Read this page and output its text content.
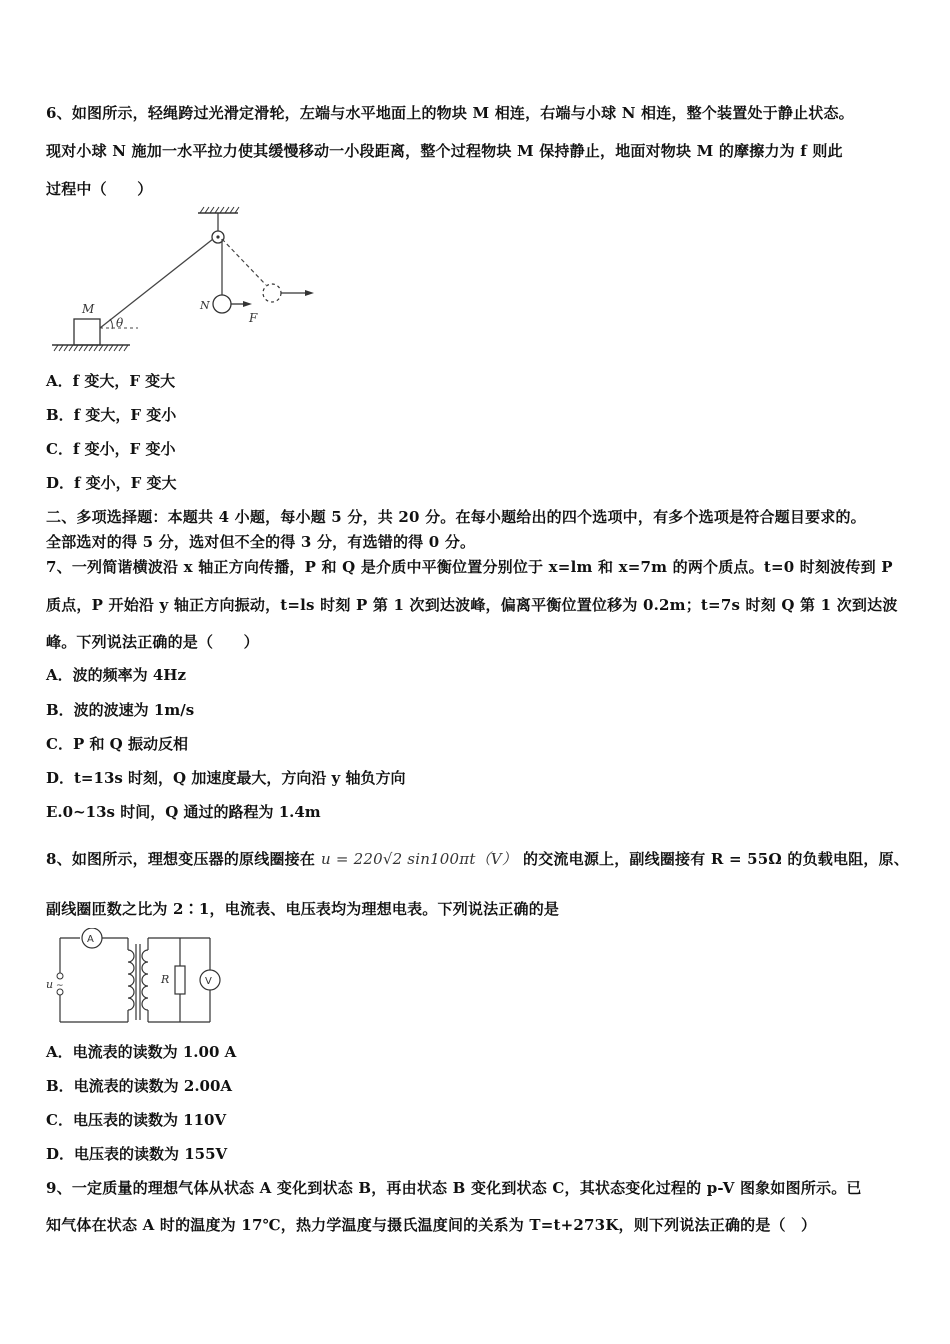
6、如图所示，轻绳跨过光滑定滑轮，左端与水平地面上的物块 M 相连，右端与小球 N 相连，整个装置处于静止状态。
现对小球 N 施加一水平拉力使其缓慢移动一小段距离，整个过程物块 M 保持静止，地面对物块 M 的摩擦力为 f 则此
过程中（　　）
M
θ
N
F
A．f 变大，F 变大
B．f 变大，F 变小
C．f 变小，F 变小
D．f 变小，F 变大
二、多项选择题：本题共 4 小题，每小题 5 分，共 20 分。在每小题给出的四个选项中，有多个选项是符合题目要求的。
全部选对的得 5 分，选对但不全的得 3 分，有选错的得 0 分。
7、一列简谐横波沿 x 轴正方向传播，P 和 Q 是介质中平衡位置分别位于 x=lm 和 x=7m 的两个质点。t=0 时刻波传到 P
质点，P 开始沿 y 轴正方向振动，t=ls 时刻 P 第 1 次到达波峰，偏离平衡位置位移为 0.2m；t=7s 时刻 Q 第 1 次到达波
峰。下列说法正确的是（　　）
A．波的频率为 4Hz
B．波的波速为 1m/s
C．P 和 Q 振动反相
D．t=13s 时刻，Q 加速度最大，方向沿 y 轴负方向
E.0~13s 时间，Q 通过的路程为 1.4m
8、如图所示，理想变压器的原线圈接在 u = 220√2 sin100πt（V） 的交流电源上，副线圈接有 R = 55Ω 的负载电阻，原、
副线圈匝数之比为 2∶1，电流表、电压表均为理想电表。下列说法正确的是
A
u ~	R	V
A．电流表的读数为 1.00 A
B．电流表的读数为 2.00A
C．电压表的读数为 110V
D．电压表的读数为 155V
9、一定质量的理想气体从状态 A 变化到状态 B，再由状态 B 变化到状态 C，其状态变化过程的 p-V 图象如图所示。已
知气体在状态 A 时的温度为 17℃，热力学温度与摄氏温度间的关系为 T=t+273K，则下列说法正确的是（　）
